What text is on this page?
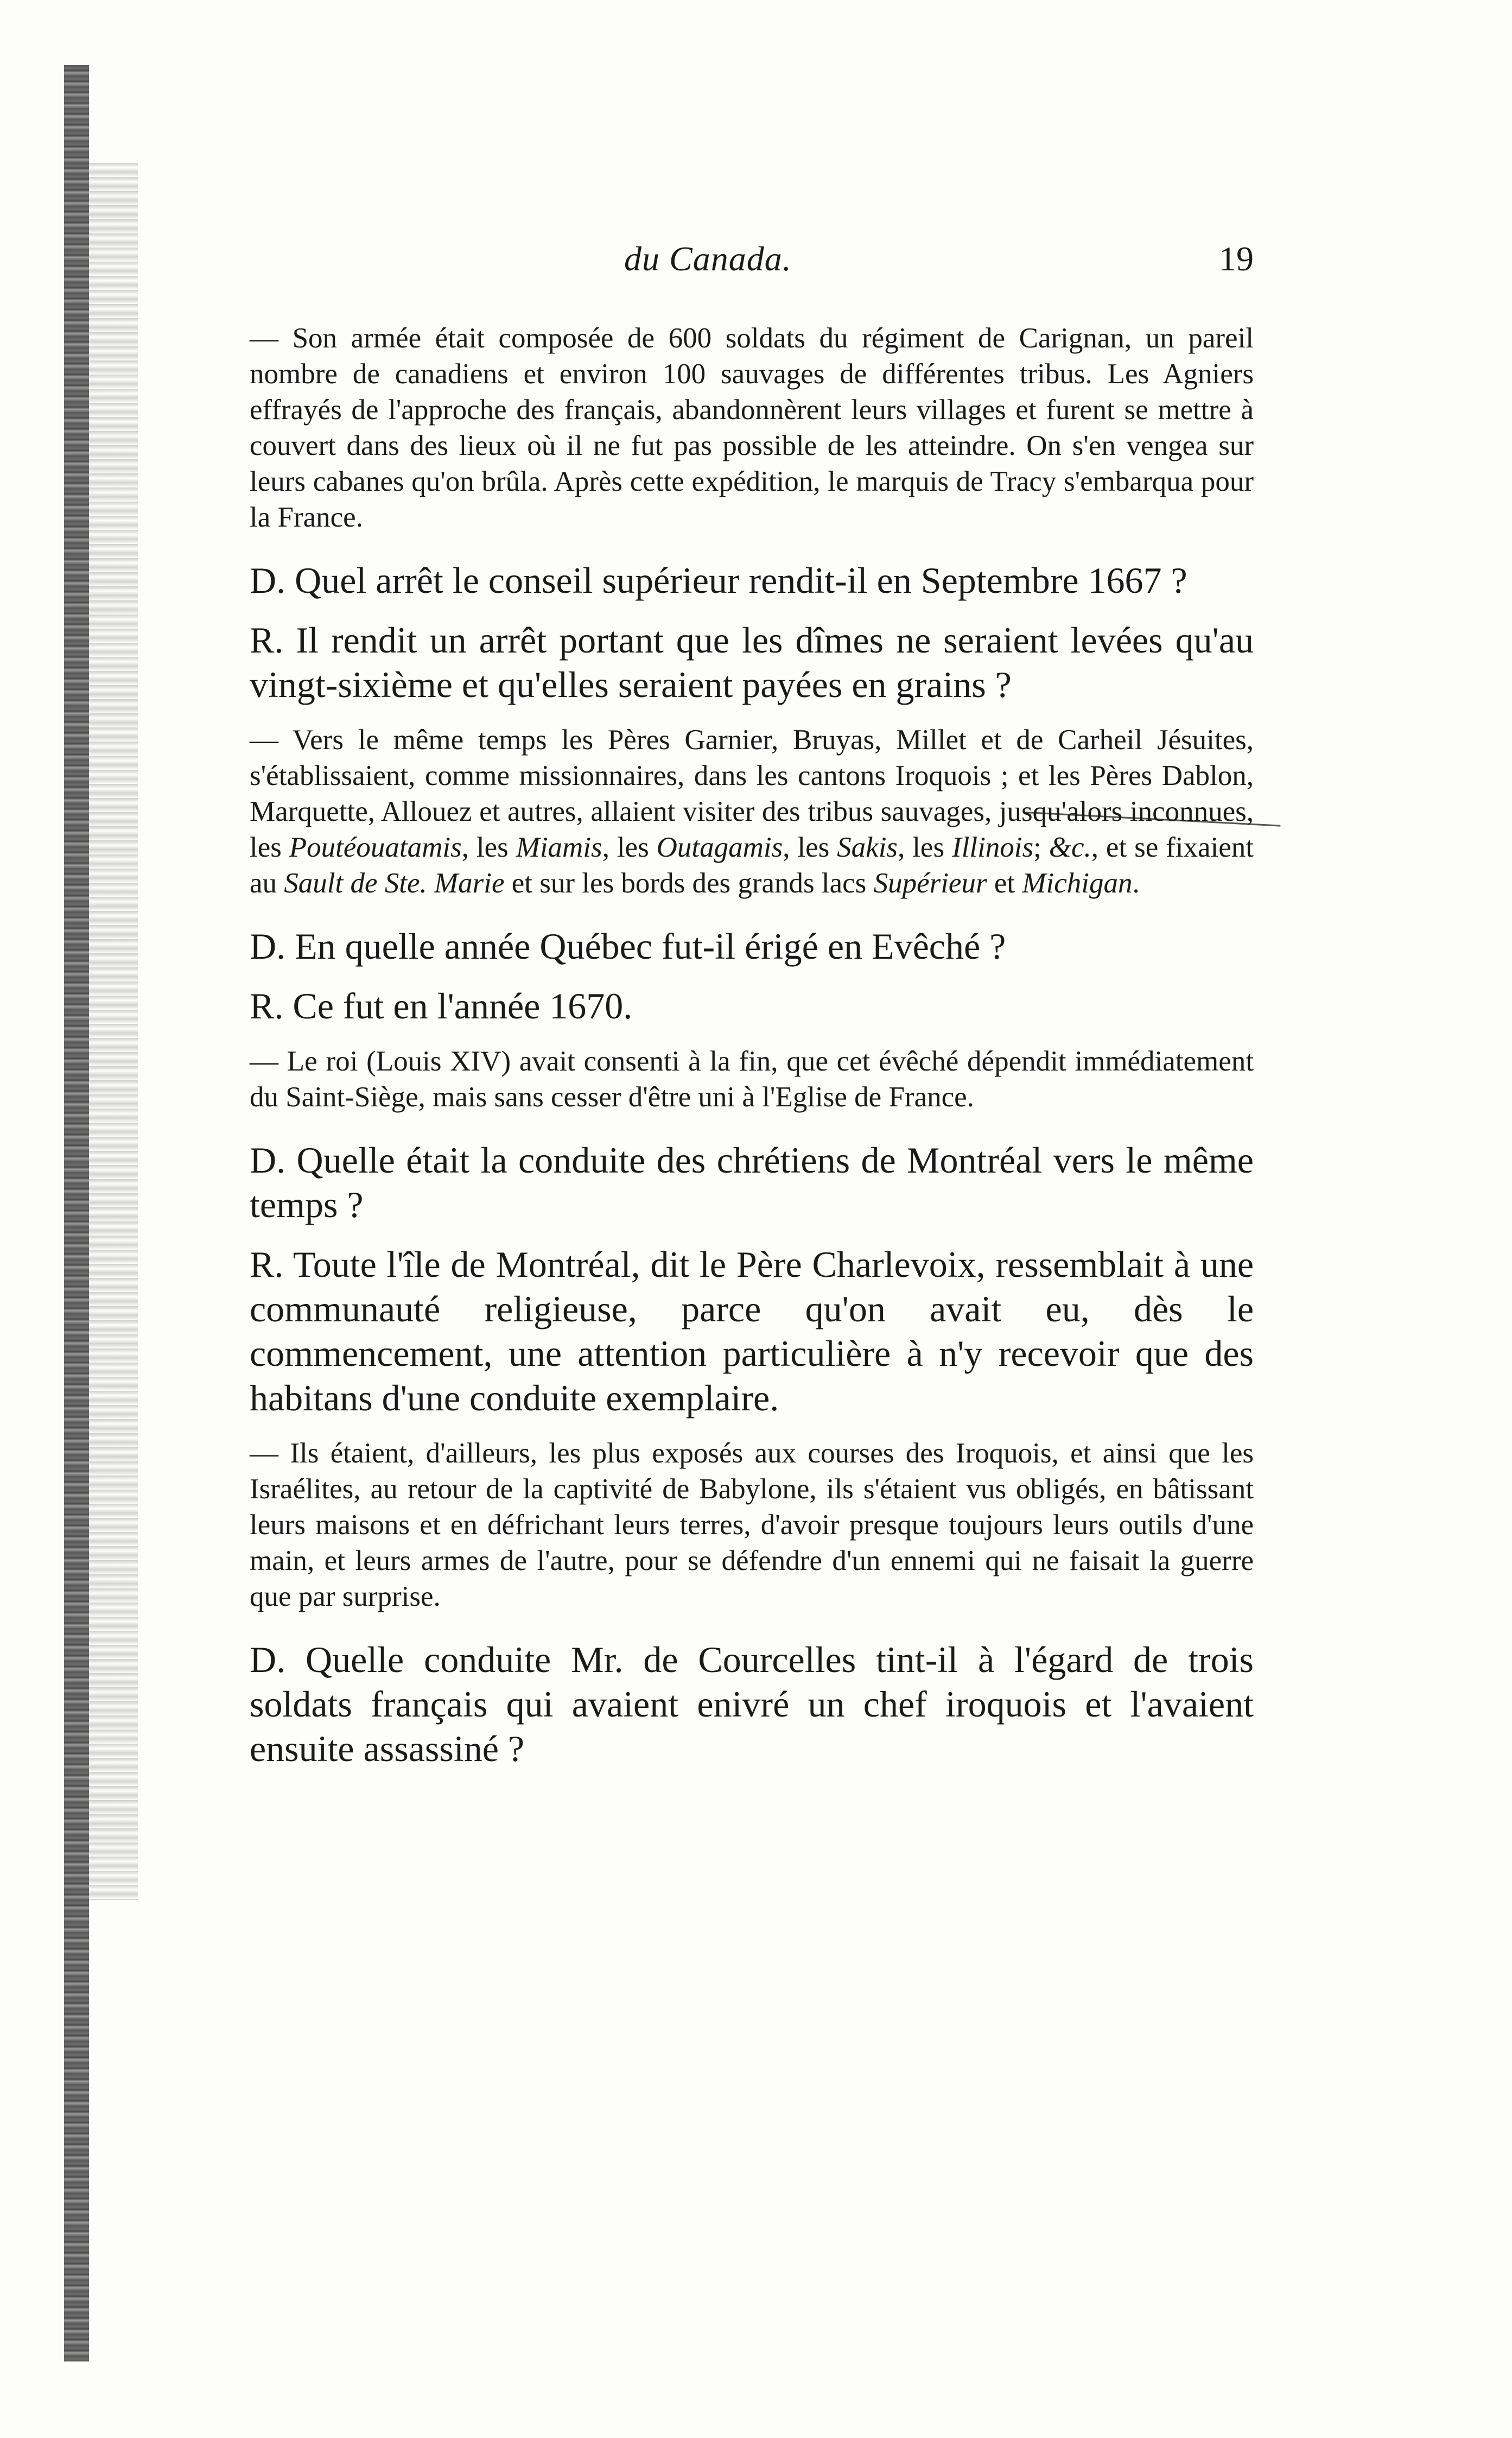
du Canada.	19

— Son armée était composée de 600 soldats du régiment de Carignan, un pareil nombre de canadiens et environ 100 sauvages de différentes tribus. Les Agniers effrayés de l'approche des français, abandonnèrent leurs villages et furent se mettre à couvert dans des lieux où il ne fut pas possible de les atteindre. On s'en vengea sur leurs cabanes qu'on brûla. Après cette expédition, le marquis de Tracy s'embarqua pour la France.

D. Quel arrêt le conseil supérieur rendit-il en Septembre 1667 ?

R. Il rendit un arrêt portant que les dîmes ne seraient levées qu'au vingt-sixième et qu'elles seraient payées en grains ?

— Vers le même temps les Pères Garnier, Bruyas, Millet et de Carheil Jésuites, s'établissaient, comme missionnaires, dans les cantons Iroquois ; et les Pères Dablon, Marquette, Allouez et autres, allaient visiter des tribus sauvages, jusqu'alors inconnues, les Poutéouatamis, les Miamis, les Outagamis, les Sakis, les Illinois; &c., et se fixaient au Sault de Ste. Marie et sur les bords des grands lacs Supérieur et Michigan.

D. En quelle année Québec fut-il érigé en Evêché ?

R. Ce fut en l'année 1670.

— Le roi (Louis XIV) avait consenti à la fin, que cet évêché dépendit immédiatement du Saint-Siège, mais sans cesser d'être uni à l'Eglise de France.

D. Quelle était la conduite des chrétiens de Montréal vers le même temps ?

R. Toute l'île de Montréal, dit le Père Charlevoix, ressemblait à une communauté religieuse, parce qu'on avait eu, dès le commencement, une attention particulière à n'y recevoir que des habitans d'une conduite exemplaire.

— Ils étaient, d'ailleurs, les plus exposés aux courses des Iroquois, et ainsi que les Israélites, au retour de la captivité de Babylone, ils s'étaient vus obligés, en bâtissant leurs maisons et en défrichant leurs terres, d'avoir presque toujours leurs outils d'une main, et leurs armes de l'autre, pour se défendre d'un ennemi qui ne faisait la guerre que par surprise.

D. Quelle conduite Mr. de Courcelles tint-il à l'égard de trois soldats français qui avaient enivré un chef iroquois et l'avaient ensuite assassiné ?
